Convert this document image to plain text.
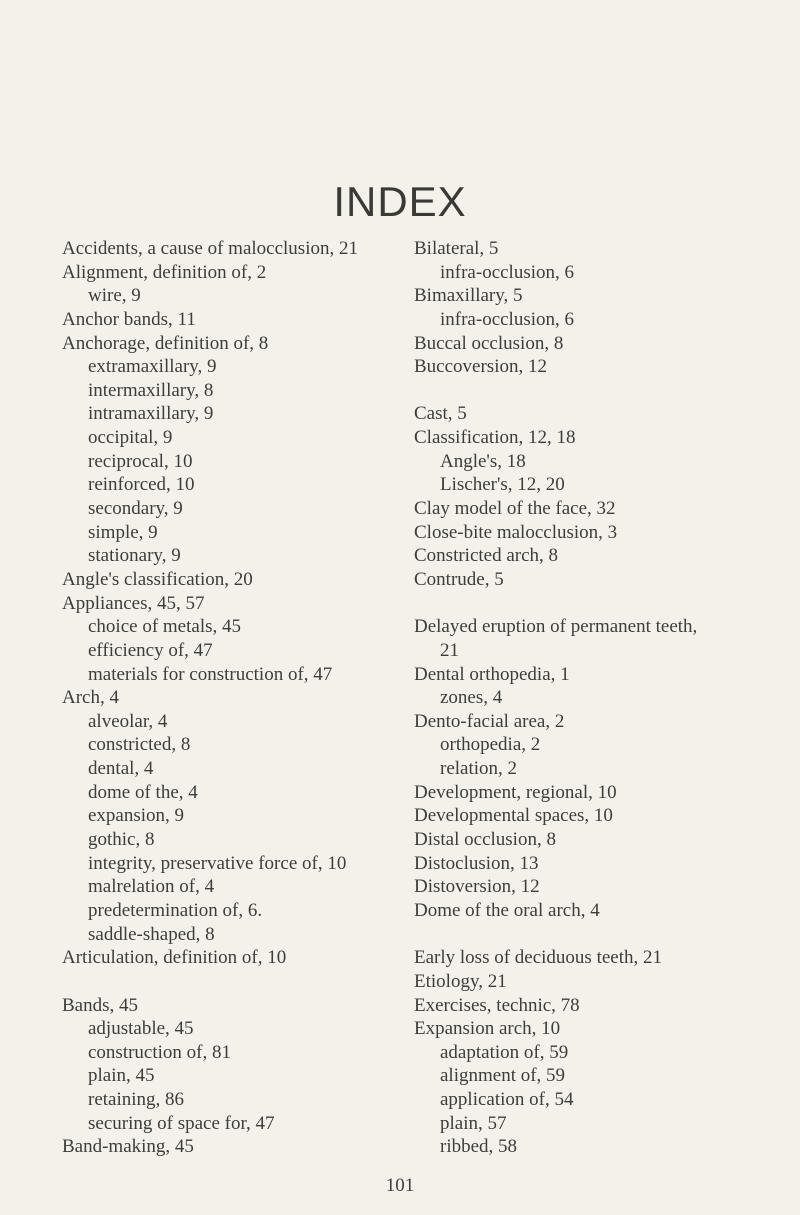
INDEX
Accidents, a cause of malocclusion, 21
Alignment, definition of, 2
wire, 9
Anchor bands, 11
Anchorage, definition of, 8
extramaxillary, 9
intermaxillary, 8
intramaxillary, 9
occipital, 9
reciprocal, 10
reinforced, 10
secondary, 9
simple, 9
stationary, 9
Angle's classification, 20
Appliances, 45, 57
choice of metals, 45
efficiency of, 47
materials for construction of, 47
Arch, 4
alveolar, 4
constricted, 8
dental, 4
dome of the, 4
expansion, 9
gothic, 8
integrity, preservative force of, 10
malrelation of, 4
predetermination of, 6.
saddle-shaped, 8
Articulation, definition of, 10
Bands, 45
adjustable, 45
construction of, 81
plain, 45
retaining, 86
securing of space for, 47
Band-making, 45
Bilateral, 5
infra-occlusion, 6
Bimaxillary, 5
infra-occlusion, 6
Buccal occlusion, 8
Buccoversion, 12
Cast, 5
Classification, 12, 18
Angle's, 18
Lischer's, 12, 20
Clay model of the face, 32
Close-bite malocclusion, 3
Constricted arch, 8
Contrude, 5
Delayed eruption of permanent teeth,
21
Dental orthopedia, 1
zones, 4
Dento-facial area, 2
orthopedia, 2
relation, 2
Development, regional, 10
Developmental spaces, 10
Distal occlusion, 8
Distoclusion, 13
Distoversion, 12
Dome of the oral arch, 4
Early loss of deciduous teeth, 21
Etiology, 21
Exercises, technic, 78
Expansion arch, 10
adaptation of, 59
alignment of, 59
application of, 54
plain, 57
ribbed, 58
101
